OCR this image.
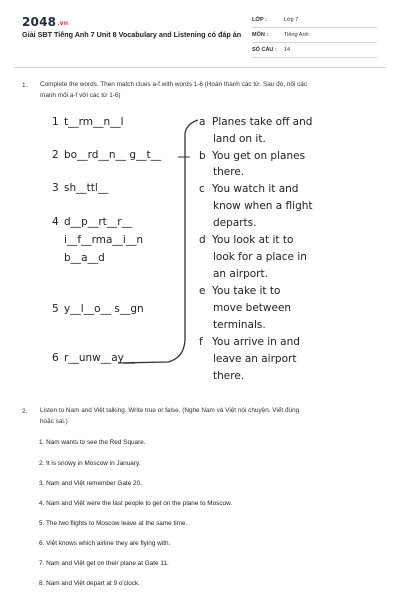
2048.vn
Giải SBT Tiếng Anh 7 Unit 8 Vocabulary and Listening có đáp án
LỚP :	Lớp 7
MÔN :	Tiếng Anh
SỐ CÂU : 14
1. Complete the words. Then match clues a-f with words 1-6 (Hoàn thành các từ. Sau đó, nối các
manh mối a-f với các từ 1-6)
1 t__rm__n__l
2 bo__rd__n__ g__t__
3 sh__ttl__
4 d__p__rt__r__
i__f__rma__i__n
b__a__d
5 y__l__o__ s__gn
6 r__unw__ay__
a Planes take off and
land on it.
b You get on planes
there.
c You watch it and
know when a flight
departs.
d You look at it to
look for a place in
an airport.
e You take it to
move between
terminals.
f You arrive in and
leave an airport
there.
2. Listen to Nam and Việt talking. Write true or false. (Nghe Nam và Việt nói chuyện. Viết đúng
hoặc sai.)
1. Nam wants to see the Red Square.
2. It is snowy in Moscow in January.
3. Nam and Việt remember Gate 20.
4. Nam and Việt were the last people to get on the plane to Moscow.
5. The two flights to Moscow leave at the same time.
6. Việt knows which airline they are flying with.
7. Nam and Việt get on their plane at Gate 11.
8. Nam and Việt depart at 9 o'clock.
